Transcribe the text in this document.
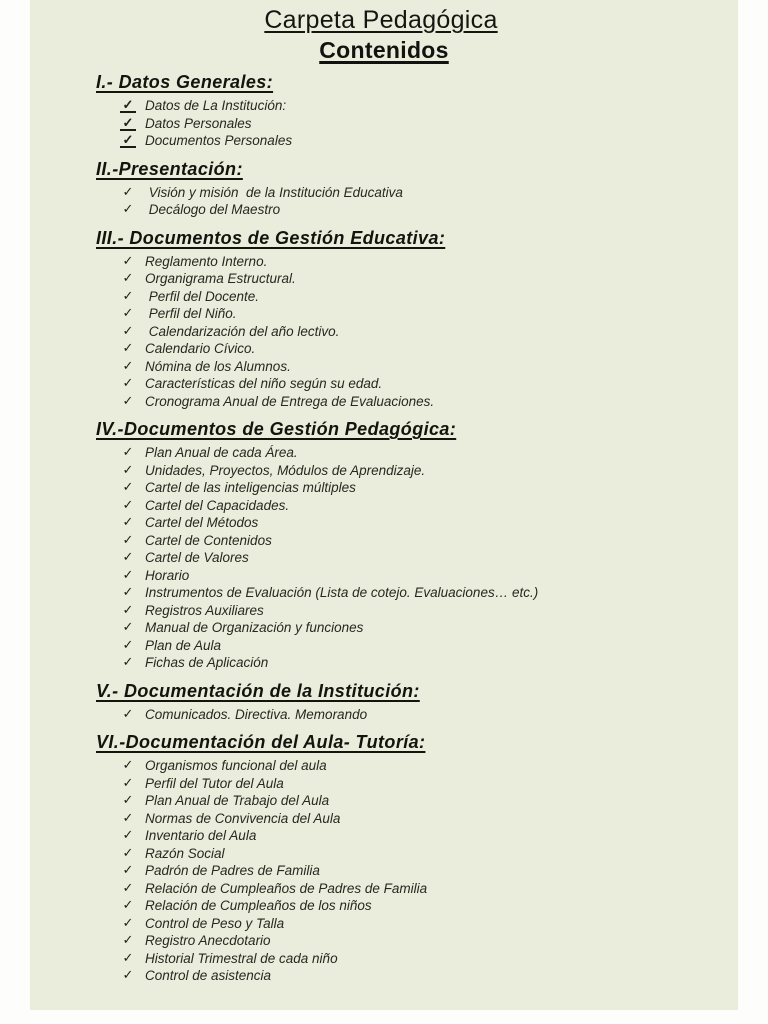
Carpeta Pedagógica
Contenidos
I.- Datos Generales:
✓ Datos de La Institución:
✓ Datos Personales
✓ Documentos Personales
II.-Presentación:
✓ Visión y misión  de la Institución Educativa
✓ Decálogo del Maestro
III.- Documentos de Gestión Educativa:
✓ Reglamento Interno.
✓ Organigrama Estructural.
✓ Perfil del Docente.
✓ Perfil del Niño.
✓ Calendarización del año lectivo.
✓ Calendario Cívico.
✓ Nómina de los Alumnos.
✓ Características del niño según su edad.
✓ Cronograma Anual de Entrega de Evaluaciones.
IV.-Documentos de Gestión Pedagógica:
✓ Plan Anual de cada Área.
✓ Unidades, Proyectos, Módulos de Aprendizaje.
✓ Cartel de las inteligencias múltiples
✓ Cartel del Capacidades.
✓ Cartel del Métodos
✓ Cartel de Contenidos
✓ Cartel de Valores
✓ Horario
✓ Instrumentos de Evaluación (Lista de cotejo. Evaluaciones… etc.)
✓ Registros Auxiliares
✓ Manual de Organización y funciones
✓ Plan de Aula
✓ Fichas de Aplicación
V.- Documentación de la Institución:
✓ Comunicados. Directiva. Memorando
VI.-Documentación del Aula- Tutoría:
✓ Organismos funcional del aula
✓ Perfil del Tutor del Aula
✓ Plan Anual de Trabajo del Aula
✓ Normas de Convivencia del Aula
✓ Inventario del Aula
✓ Razón Social
✓ Padrón de Padres de Familia
✓ Relación de Cumpleaños de Padres de Familia
✓ Relación de Cumpleaños de los niños
✓ Control de Peso y Talla
✓ Registro Anecdotario
✓ Historial Trimestral de cada niño
✓ Control de asistencia
